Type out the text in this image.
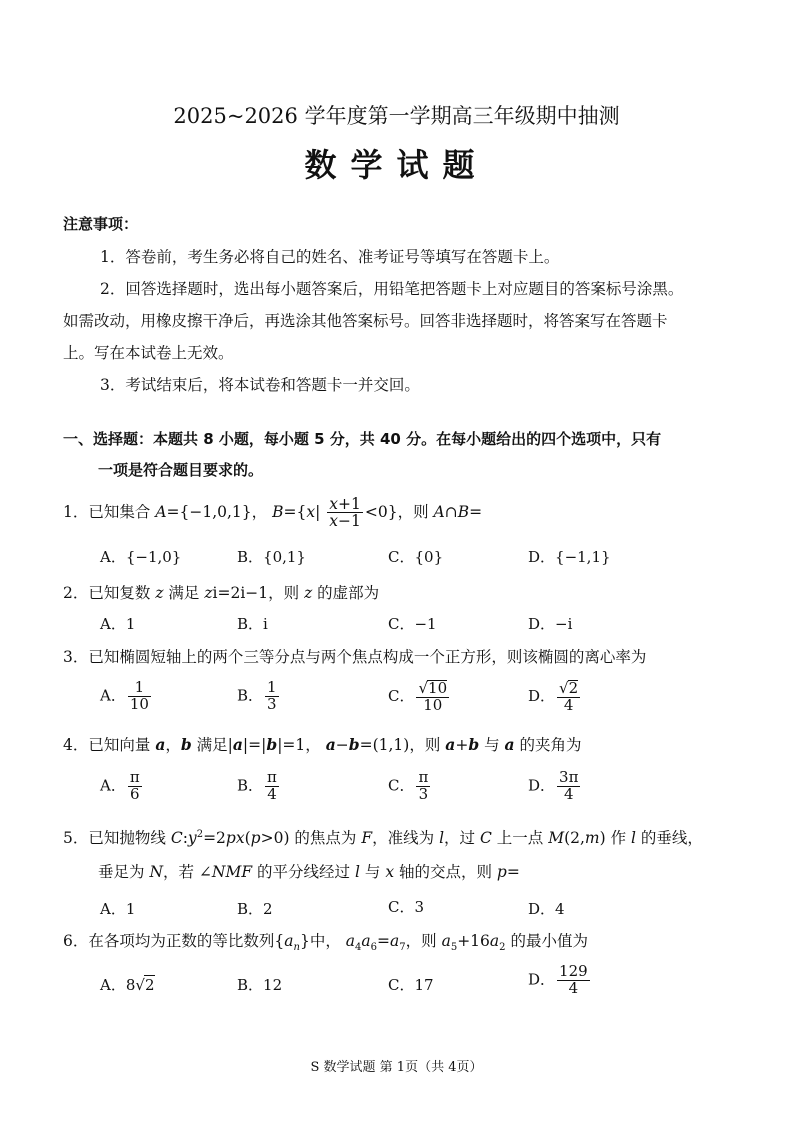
2025~2026 学年度第一学期高三年级期中抽测
数学试题
注意事项：
1．答卷前，考生务必将自己的姓名、准考证号等填写在答题卡上。
2．回答选择题时，选出每小题答案后，用铅笔把答题卡上对应题目的答案标号涂黑。
如需改动，用橡皮擦干净后，再选涂其他答案标号。回答非选择题时，将答案写在答题卡
上。写在本试卷上无效。
3．考试结束后，将本试卷和答题卡一并交回。
一、选择题：本题共 8 小题，每小题 5 分，共 40 分。在每小题给出的四个选项中，只有
一项是符合题目要求的。
1．已知集合 A={−1,0,1}， $B=\{x| \frac{x+1}{x-1} <0\}$，则 A∩B=
A．{−1,0}	B．{0,1}	C．{0}	D．{−1,1}
2．已知复数 z 满足 zi=2i−1，则 z 的虚部为
A．1	B．i	C．−1	D．−i
3．已知椭圆短轴上的两个三等分点与两个焦点构成一个正方形，则该椭圆的离心率为
A． $\frac{1}{10}$	B． $\frac{1}{3}$	C． $\frac{√10}{10}$	D． $\frac{√2}{4}$
4．已知向量 a，b 满足|a|=|b|=1， a−b=(1,1)，则 a+b 与 a 的夹角为
A． $\frac{\pi}{6}$	B． $\frac{\pi}{4}$	C． $\frac{\pi}{3}$	D． $\frac{3\pi}{4}$
5．已知抛物线 $C:y^2=2px(p>0)$ 的焦点为 F，准线为 l，过 C 上一点 M(2,m) 作 l 的垂线，
垂足为 N，若 ∠NMF 的平分线经过 l 与 x 轴的交点，则 p=
A．1	B．2	C．3	D．4
6．在各项均为正数的等比数列$\{a_n\}$中， $a_4a_6=a_7$，则 $a_5+16a_2$ 的最小值为
A．8√2	B．12	C．17	D． $\frac{129}{4}$
S 数学试题 第 1页（共 4页）
